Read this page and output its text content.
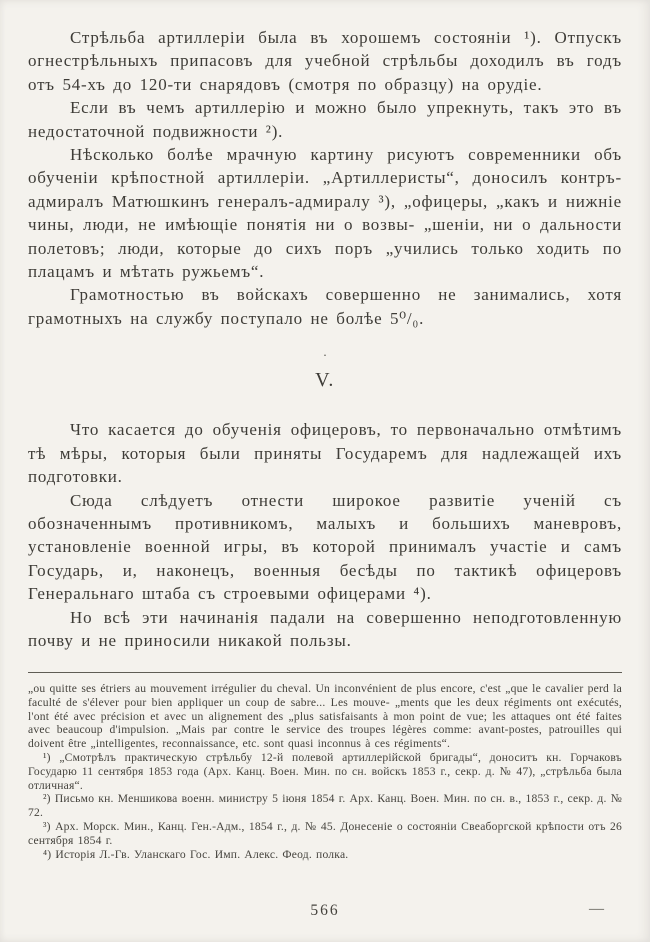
Стрѣльба артиллеріи была въ хорошемъ состояніи ¹). Отпускъ огнестрѣльныхъ припасовъ для учебной стрѣльбы доходилъ въ годъ отъ 54-хъ до 120-ти снарядовъ (смотря по образцу) на орудіе.

Если въ чемъ артиллерію и можно было упрекнуть, такъ это въ недостаточной подвижности ²).

Нѣсколько болѣе мрачную картину рисуютъ современники объ обученіи крѣпостной артиллеріи. „Артиллеристы“, доносилъ контръ-адмиралъ Матюшкинъ генералъ-адмиралу ³), „офицеры, „какъ и нижніе чины, люди, не имѣющіе понятія ни о возвы- „шеніи, ни о дальности полетовъ; люди, которые до сихъ поръ „учились только ходить по плацамъ и мѣтать ружьемъ“.

Грамотностью въ войскахъ совершенно не занимались, хотя грамотныхъ на службу поступало не болѣе 5⁰/₀.

.
V.

Что касается до обученія офицеровъ, то первоначально отмѣтимъ тѣ мѣры, которыя были приняты Государемъ для надлежащей ихъ подготовки.

Сюда слѣдуетъ отнести широкое развитіе ученій съ обозначеннымъ противникомъ, малыхъ и большихъ маневровъ, установленіе военной игры, въ которой принималъ участіе и самъ Государь, и, наконецъ, военныя бесѣды по тактикѣ офицеровъ Генеральнаго штаба съ строевыми офицерами ⁴).

Но всѣ эти начинанія падали на совершенно неподготовленную почву и не приносили никакой пользы.

„ou quitte ses étriers au mouvement irrégulier du cheval. Un inconvénient de plus encore, c'est „que le cavalier perd la faculté de s'élever pour bien appliquer un coup de sabre... Les mouve- „ments que les deux régiments ont exécutés, l'ont été avec précision et avec un alignement des „plus satisfaisants à mon point de vue; les attaques ont été faites avec beaucoup d'impulsion. „Mais par contre le service des troupes légères comme: avant-postes, patrouilles qui doivent être „intelligentes, reconnaissance, etc. sont quasi inconnus à ces régiments“.

¹) „Смотрѣлъ практическую стрѣльбу 12-й полевой артиллерійской бригады“, доноситъ кн. Горчаковъ Государю 11 сентября 1853 года (Арх. Канц. Воен. Мин. по сн. войскъ 1853 г., секр. д. № 47), „стрѣльба была отличная“.

²) Письмо кн. Меншикова военн. министру 5 іюня 1854 г. Арх. Канц. Воен. Мин. по сн. в., 1853 г., секр. д. № 72.

³) Арх. Морск. Мин., Канц. Ген.-Адм., 1854 г., д. № 45. Донесеніе о состояніи Свеаборгской крѣпости отъ 26 сентября 1854 г.

⁴) Исторія Л.-Гв. Уланскаго Гос. Имп. Алекс. Феод. полка.

566	—
